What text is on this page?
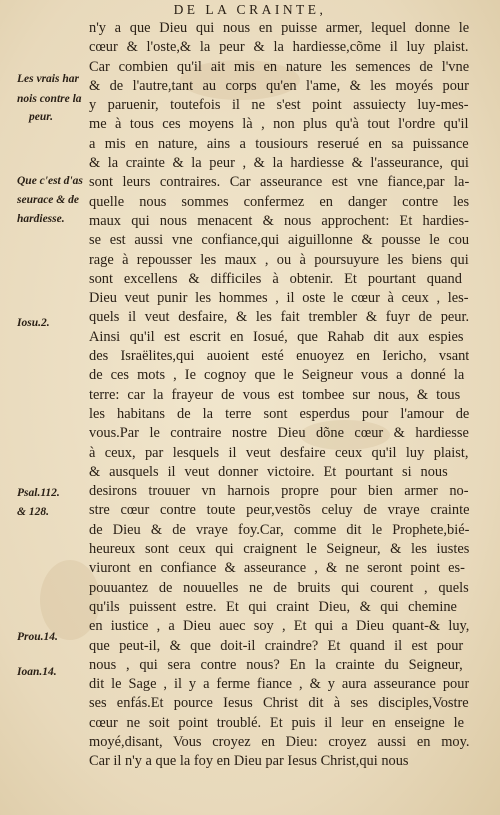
DE LA CRAINTE,
Les vrais har
nois contre la
peur.
Que c'est d'as
seurace & de
hardiesse.
Iosu.2.
Psal.112.
& 128.
Prou.14.
Ioan.14.
n'y a que Dieu qui nous en puisse armer, lequel donne le
cœur & l'oste,& la peur & la hardiesse,cõme il luy plaist.
Car combien qu'il ait mis en nature les semences de l'vne
& de l'autre,tant au corps qu'en l'ame, & les moyés pour
y paruenir, toutefois il ne s'est point assuiecty luy-mes-
me à tous ces moyens là , non plus qu'à tout l'ordre qu'il
a mis en nature, ains a tousiours reserué en sa puissance
& la crainte & la peur , & la hardiesse & l'asseurance, qui
sont leurs contraires. Car asseurance est vne fiance,par la-
quelle nous sommes confermez en danger contre les
maux qui nous menacent & nous approchent: Et hardies-
se est aussi vne confiance,qui aiguillonne & pousse le cou
rage à repousser les maux , ou à poursuyure les biens qui
sont excellens & difficiles à obtenir. Et pourtant quand
Dieu veut punir les hommes , il oste le cœur à ceux , les-
quels il veut desfaire, & les fait trembler & fuyr de peur.
Ainsi qu'il est escrit en Iosué, que Rahab dit aux espies
des Israëlites,qui auoient esté enuoyez en Iericho, vsant
de ces mots , Ie cognoy que le Seigneur vous a donné la
terre: car la frayeur de vous est tombee sur nous, & tous
les habitans de la terre sont esperdus pour l'amour de
vous.Par le contraire nostre Dieu dõne cœur & hardiesse
à ceux, par lesquels il veut desfaire ceux qu'il luy plaist,
& ausquels il veut donner victoire. Et pourtant si nous
desirons trouuer vn harnois propre pour bien armer no-
stre cœur contre toute peur,vestõs celuy de vraye crainte
de Dieu & de vraye foy.Car, comme dit le Prophete,bié-
heureux sont ceux qui craignent le Seigneur, & les iustes
viuront en confiance & asseurance , & ne seront point es-
pouuantez de nouuelles ne de bruits qui courent , quels
qu'ils puissent estre. Et qui craint Dieu, & qui chemine
en iustice , a Dieu auec soy , Et qui a Dieu quant-& luy,
que peut-il, & que doit-il craindre? Et quand il est pour
nous , qui sera contre nous? En la crainte du Seigneur,
dit le Sage , il y a ferme fiance , & y aura asseurance pour
ses enfás.Et pource Iesus Christ dit à ses disciples,Vostre
cœur ne soit point troublé. Et puis il leur en enseigne le
moyé,disant, Vous croyez en Dieu: croyez aussi en moy.
Car il n'y a que la foy en Dieu par Iesus Christ,qui nous
